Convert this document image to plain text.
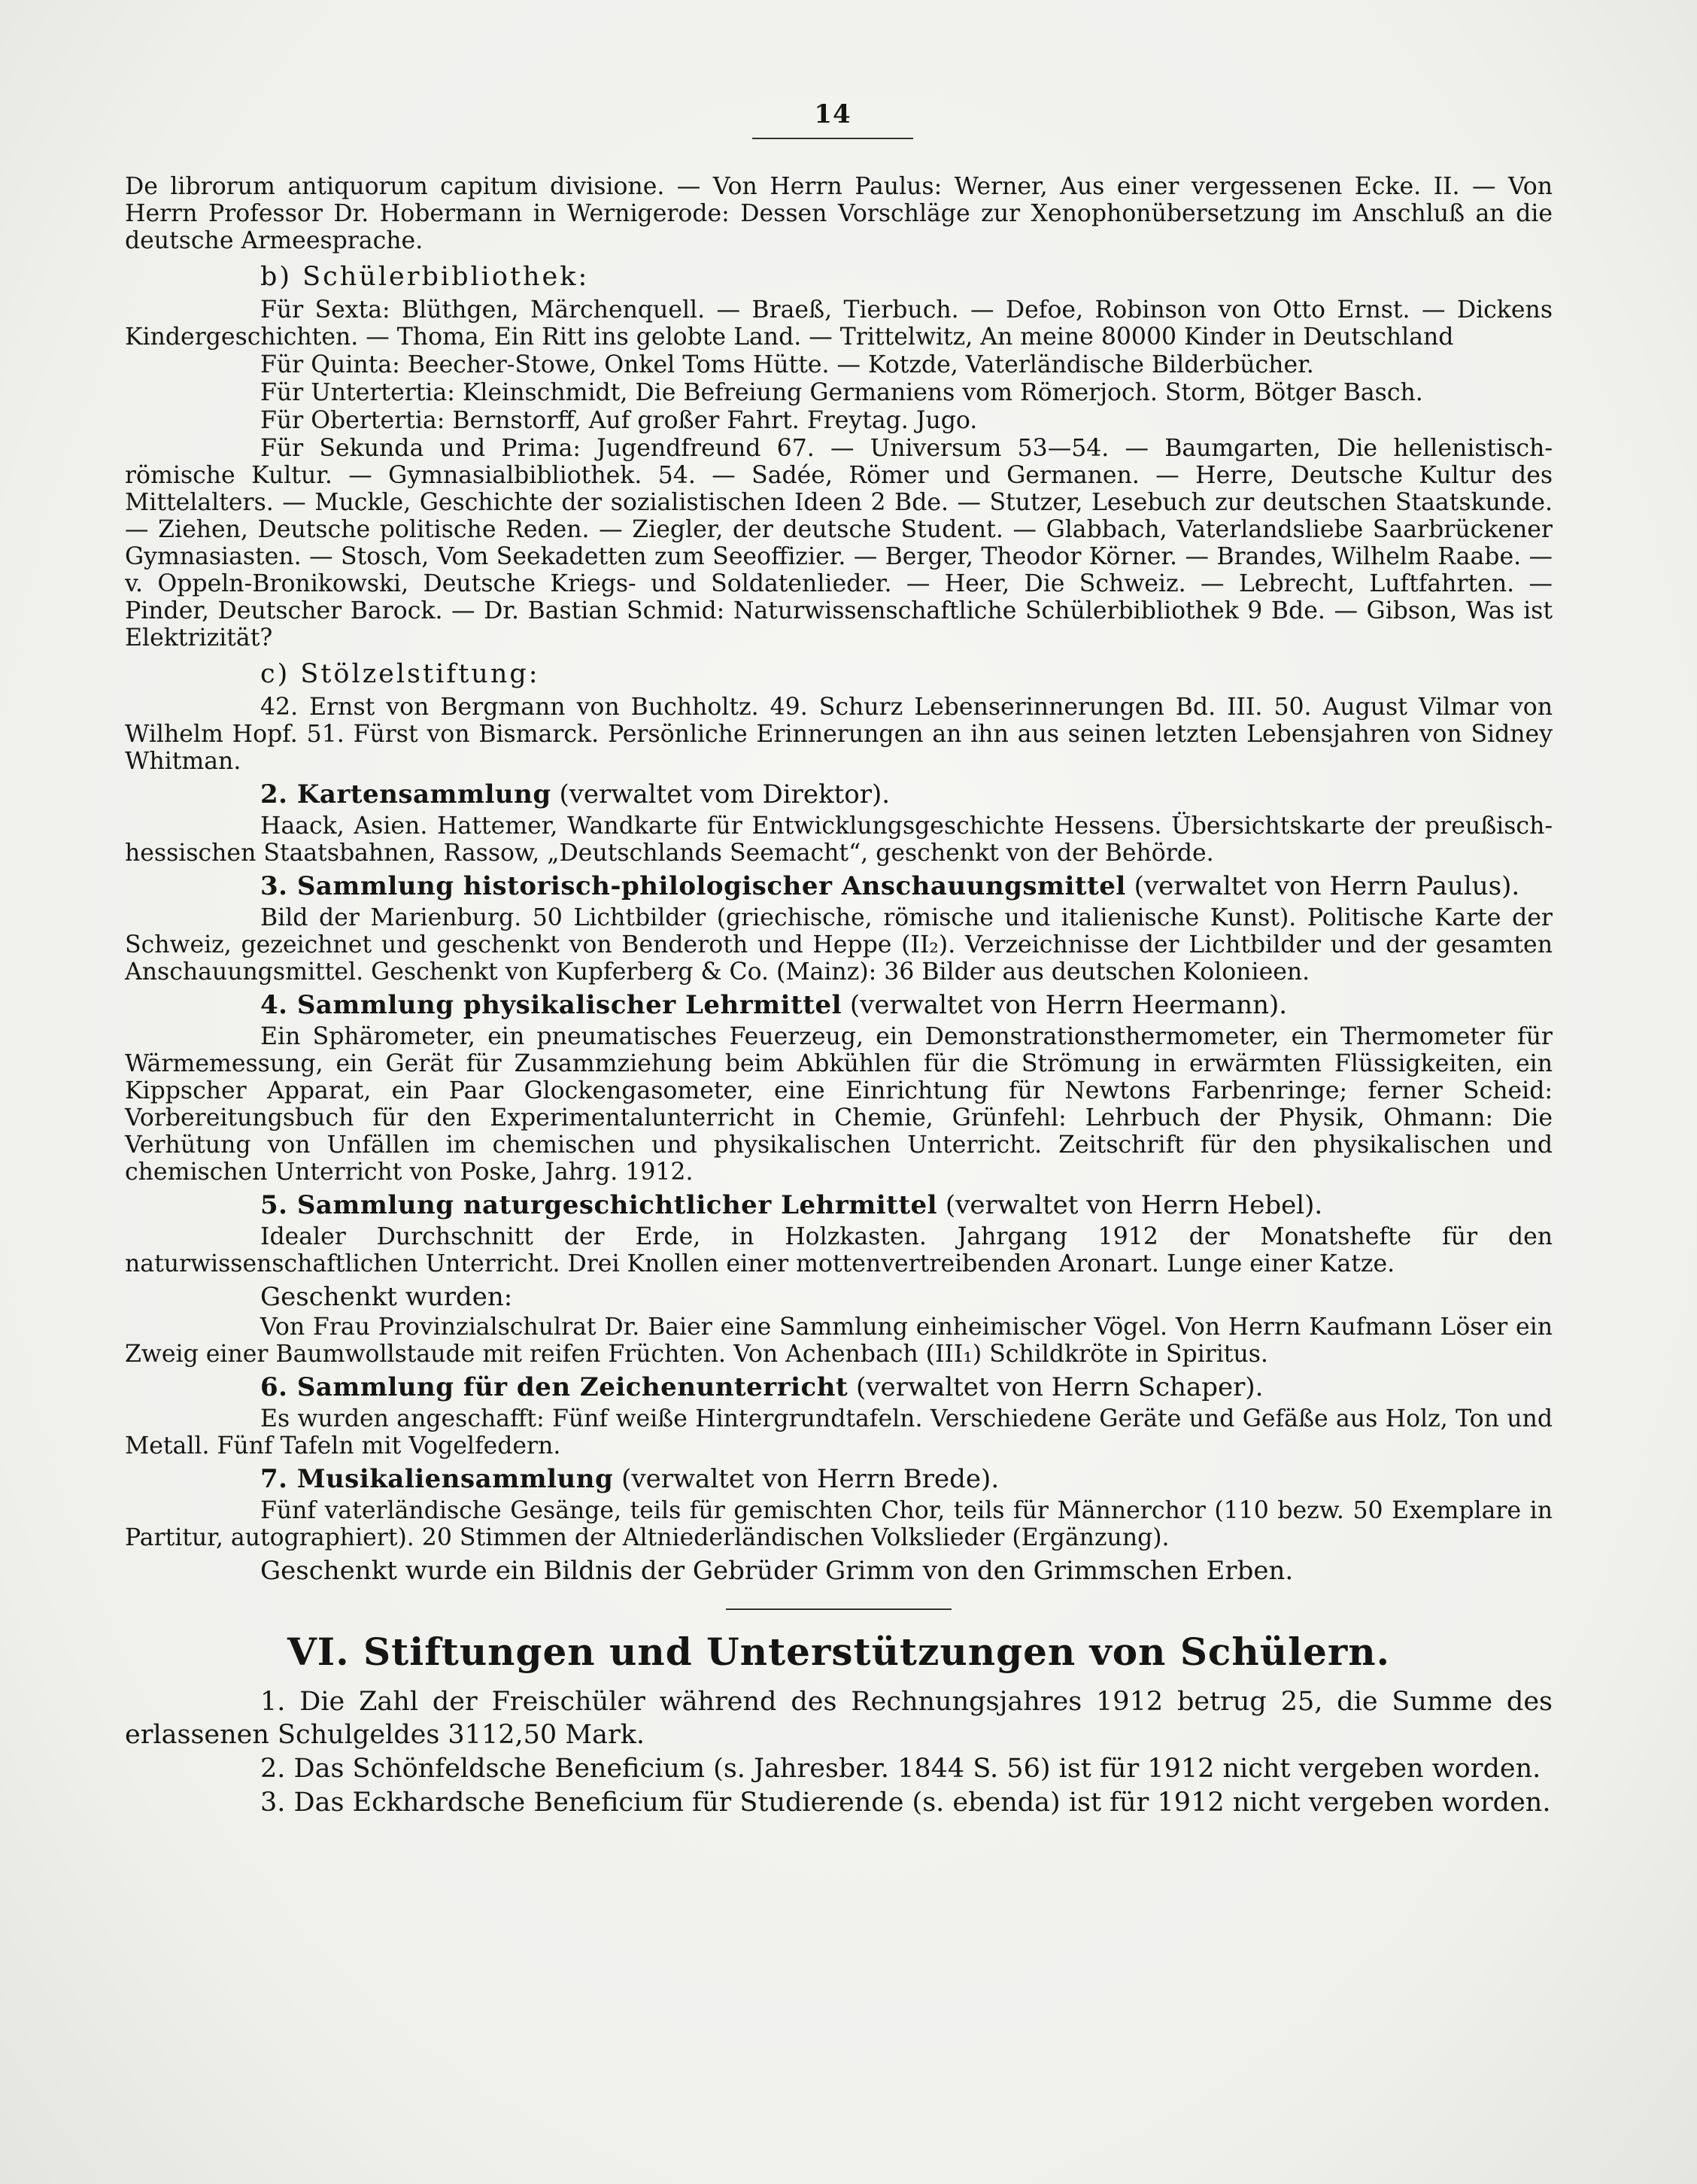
14

De librorum antiquorum capitum divisione. — Von Herrn Paulus: Werner, Aus einer vergessenen Ecke. II. — Von Herrn Professor Dr. Hobermann in Wernigerode: Dessen Vorschläge zur Xenophonübersetzung im Anschluß an die deutsche Armeesprache.

b) Schülerbibliothek:

Für Sexta: Blüthgen, Märchenquell. — Braeß, Tierbuch. — Defoe, Robinson von Otto Ernst. — Dickens Kindergeschichten. — Thoma, Ein Ritt ins gelobte Land. — Trittelwitz, An meine 80000 Kinder in Deutschland

Für Quinta: Beecher-Stowe, Onkel Toms Hütte. — Kotzde, Vaterländische Bilderbücher.

Für Untertertia: Kleinschmidt, Die Befreiung Germaniens vom Römerjoch. Storm, Bötger Basch.

Für Obertertia: Bernstorff, Auf großer Fahrt. Freytag. Jugo.

Für Sekunda und Prima: Jugendfreund 67. — Universum 53—54. — Baumgarten, Die hellenistisch-römische Kultur. — Gymnasialbibliothek. 54. — Sadée, Römer und Germanen. — Herre, Deutsche Kultur des Mittelalters. — Muckle, Geschichte der sozialistischen Ideen 2 Bde. — Stutzer, Lesebuch zur deutschen Staatskunde. — Ziehen, Deutsche politische Reden. — Ziegler, der deutsche Student. — Glabbach, Vaterlandsliebe Saarbrückener Gymnasiasten. — Stosch, Vom Seekadetten zum Seeoffizier. — Berger, Theodor Körner. — Brandes, Wilhelm Raabe. — v. Oppeln-Bronikowski, Deutsche Kriegs- und Soldatenlieder. — Heer, Die Schweiz. — Lebrecht, Luftfahrten. — Pinder, Deutscher Barock. — Dr. Bastian Schmid: Naturwissenschaftliche Schülerbibliothek 9 Bde. — Gibson, Was ist Elektrizität?

c) Stölzelstiftung:

42. Ernst von Bergmann von Buchholtz. 49. Schurz Lebenserinnerungen Bd. III. 50. August Vilmar von Wilhelm Hopf. 51. Fürst von Bismarck. Persönliche Erinnerungen an ihn aus seinen letzten Lebensjahren von Sidney Whitman.

2. Kartensammlung (verwaltet vom Direktor).

Haack, Asien. Hattemer, Wandkarte für Entwicklungsgeschichte Hessens. Übersichtskarte der preußisch-hessischen Staatsbahnen, Rassow, „Deutschlands Seemacht“, geschenkt von der Behörde.

3. Sammlung historisch-philologischer Anschauungsmittel (verwaltet von Herrn Paulus).

Bild der Marienburg. 50 Lichtbilder (griechische, römische und italienische Kunst). Politische Karte der Schweiz, gezeichnet und geschenkt von Benderoth und Heppe (II₂). Verzeichnisse der Lichtbilder und der gesamten Anschauungsmittel. Geschenkt von Kupferberg & Co. (Mainz): 36 Bilder aus deutschen Kolonieen.

4. Sammlung physikalischer Lehrmittel (verwaltet von Herrn Heermann).

Ein Sphärometer, ein pneumatisches Feuerzeug, ein Demonstrationsthermometer, ein Thermometer für Wärmemessung, ein Gerät für Zusammziehung beim Abkühlen für die Strömung in erwärmten Flüssigkeiten, ein Kippscher Apparat, ein Paar Glockengasometer, eine Einrichtung für Newtons Farbenringe; ferner Scheid: Vorbereitungsbuch für den Experimentalunterricht in Chemie, Grünfehl: Lehrbuch der Physik, Ohmann: Die Verhütung von Unfällen im chemischen und physikalischen Unterricht. Zeitschrift für den physikalischen und chemischen Unterricht von Poske, Jahrg. 1912.

5. Sammlung naturgeschichtlicher Lehrmittel (verwaltet von Herrn Hebel).

Idealer Durchschnitt der Erde, in Holzkasten. Jahrgang 1912 der Monatshefte für den naturwissenschaftlichen Unterricht. Drei Knollen einer mottenvertreibenden Aronart. Lunge einer Katze.

Geschenkt wurden:

Von Frau Provinzialschulrat Dr. Baier eine Sammlung einheimischer Vögel. Von Herrn Kaufmann Löser ein Zweig einer Baumwollstaude mit reifen Früchten. Von Achenbach (III₁) Schildkröte in Spiritus.

6. Sammlung für den Zeichenunterricht (verwaltet von Herrn Schaper).

Es wurden angeschafft: Fünf weiße Hintergrundtafeln. Verschiedene Geräte und Gefäße aus Holz, Ton und Metall. Fünf Tafeln mit Vogelfedern.

7. Musikaliensammlung (verwaltet von Herrn Brede).

Fünf vaterländische Gesänge, teils für gemischten Chor, teils für Männerchor (110 bezw. 50 Exemplare in Partitur, autographiert). 20 Stimmen der Altniederländischen Volkslieder (Ergänzung).

Geschenkt wurde ein Bildnis der Gebrüder Grimm von den Grimmschen Erben.
VI. Stiftungen und Unterstützungen von Schülern.

1. Die Zahl der Freischüler während des Rechnungsjahres 1912 betrug 25, die Summe des erlassenen Schulgeldes 3112,50 Mark.

2. Das Schönfeldsche Beneficium (s. Jahresber. 1844 S. 56) ist für 1912 nicht vergeben worden.

3. Das Eckhardsche Beneficium für Studierende (s. ebenda) ist für 1912 nicht vergeben worden.
